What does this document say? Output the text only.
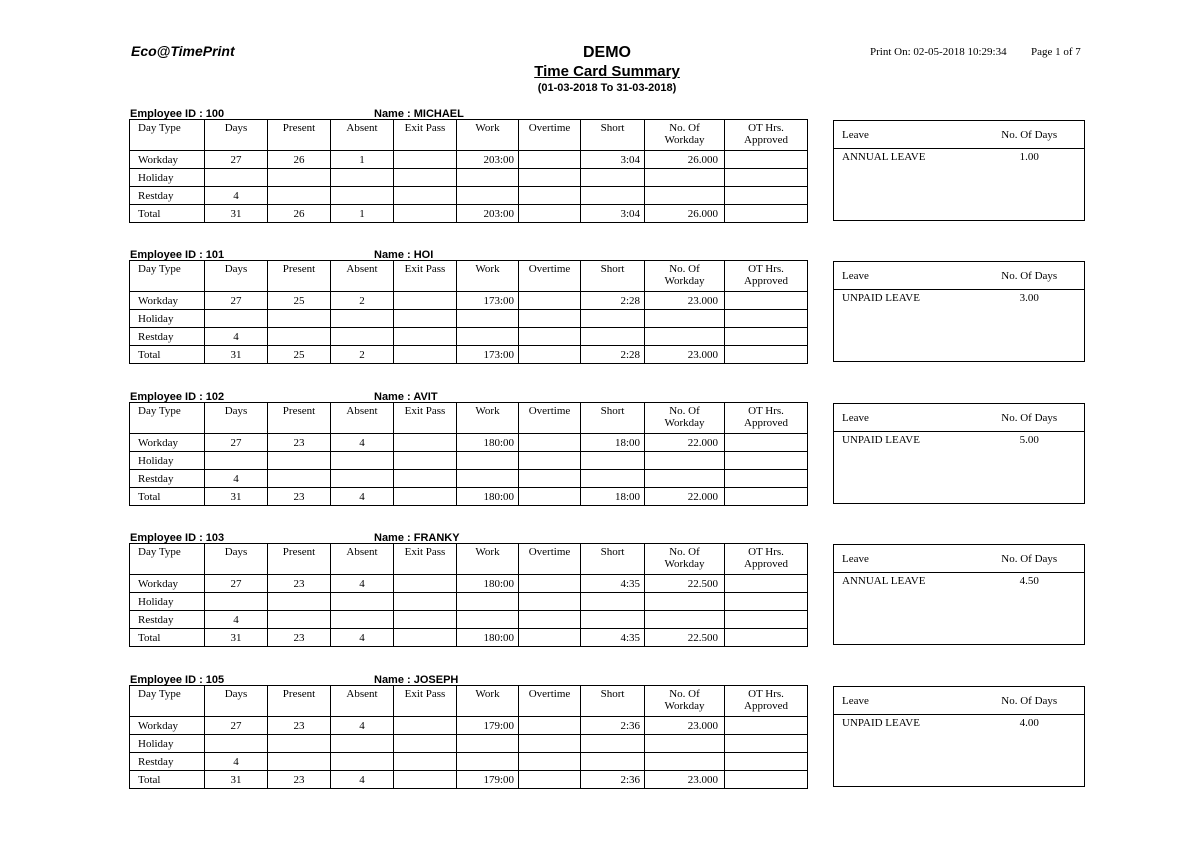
Eco@TimePrint	DEMO
Time Card Summary
(01-03-2018 To 31-03-2018)
Print On: 02-05-2018 10:29:34 Page 1 of 7
Employee ID : 100	Name : MICHAEL
Day Type	Days	Present	Absent	Exit Pass	Work	Overtime	Short	No. Of Workday	OT Hrs. Approved
Workday	27	26	1		203:00		3:04	26.000	
Holiday									
Restday	4								
Total	31	26	1		203:00		3:04	26.000	
Leave	No. Of Days
ANNUAL LEAVE	1.00

Employee ID : 101	Name : HOI
Day Type	Days	Present	Absent	Exit Pass	Work	Overtime	Short	No. Of Workday	OT Hrs. Approved
Workday	27	25	2		173:00		2:28	23.000	
Holiday									
Restday	4								
Total	31	25	2		173:00		2:28	23.000	
Leave	No. Of Days
UNPAID LEAVE	3.00

Employee ID : 102	Name : AVIT
Day Type	Days	Present	Absent	Exit Pass	Work	Overtime	Short	No. Of Workday	OT Hrs. Approved
Workday	27	23	4		180:00		18:00	22.000	
Holiday									
Restday	4								
Total	31	23	4		180:00		18:00	22.000	
Leave	No. Of Days
UNPAID LEAVE	5.00

Employee ID : 103	Name : FRANKY
Day Type	Days	Present	Absent	Exit Pass	Work	Overtime	Short	No. Of Workday	OT Hrs. Approved
Workday	27	23	4		180:00		4:35	22.500	
Holiday									
Restday	4								
Total	31	23	4		180:00		4:35	22.500	
Leave	No. Of Days
ANNUAL LEAVE	4.50

Employee ID : 105	Name : JOSEPH
Day Type	Days	Present	Absent	Exit Pass	Work	Overtime	Short	No. Of Workday	OT Hrs. Approved
Workday	27	23	4		179:00		2:36	23.000	
Holiday									
Restday	4								
Total	31	23	4		179:00		2:36	23.000	
Leave	No. Of Days
UNPAID LEAVE	4.00
